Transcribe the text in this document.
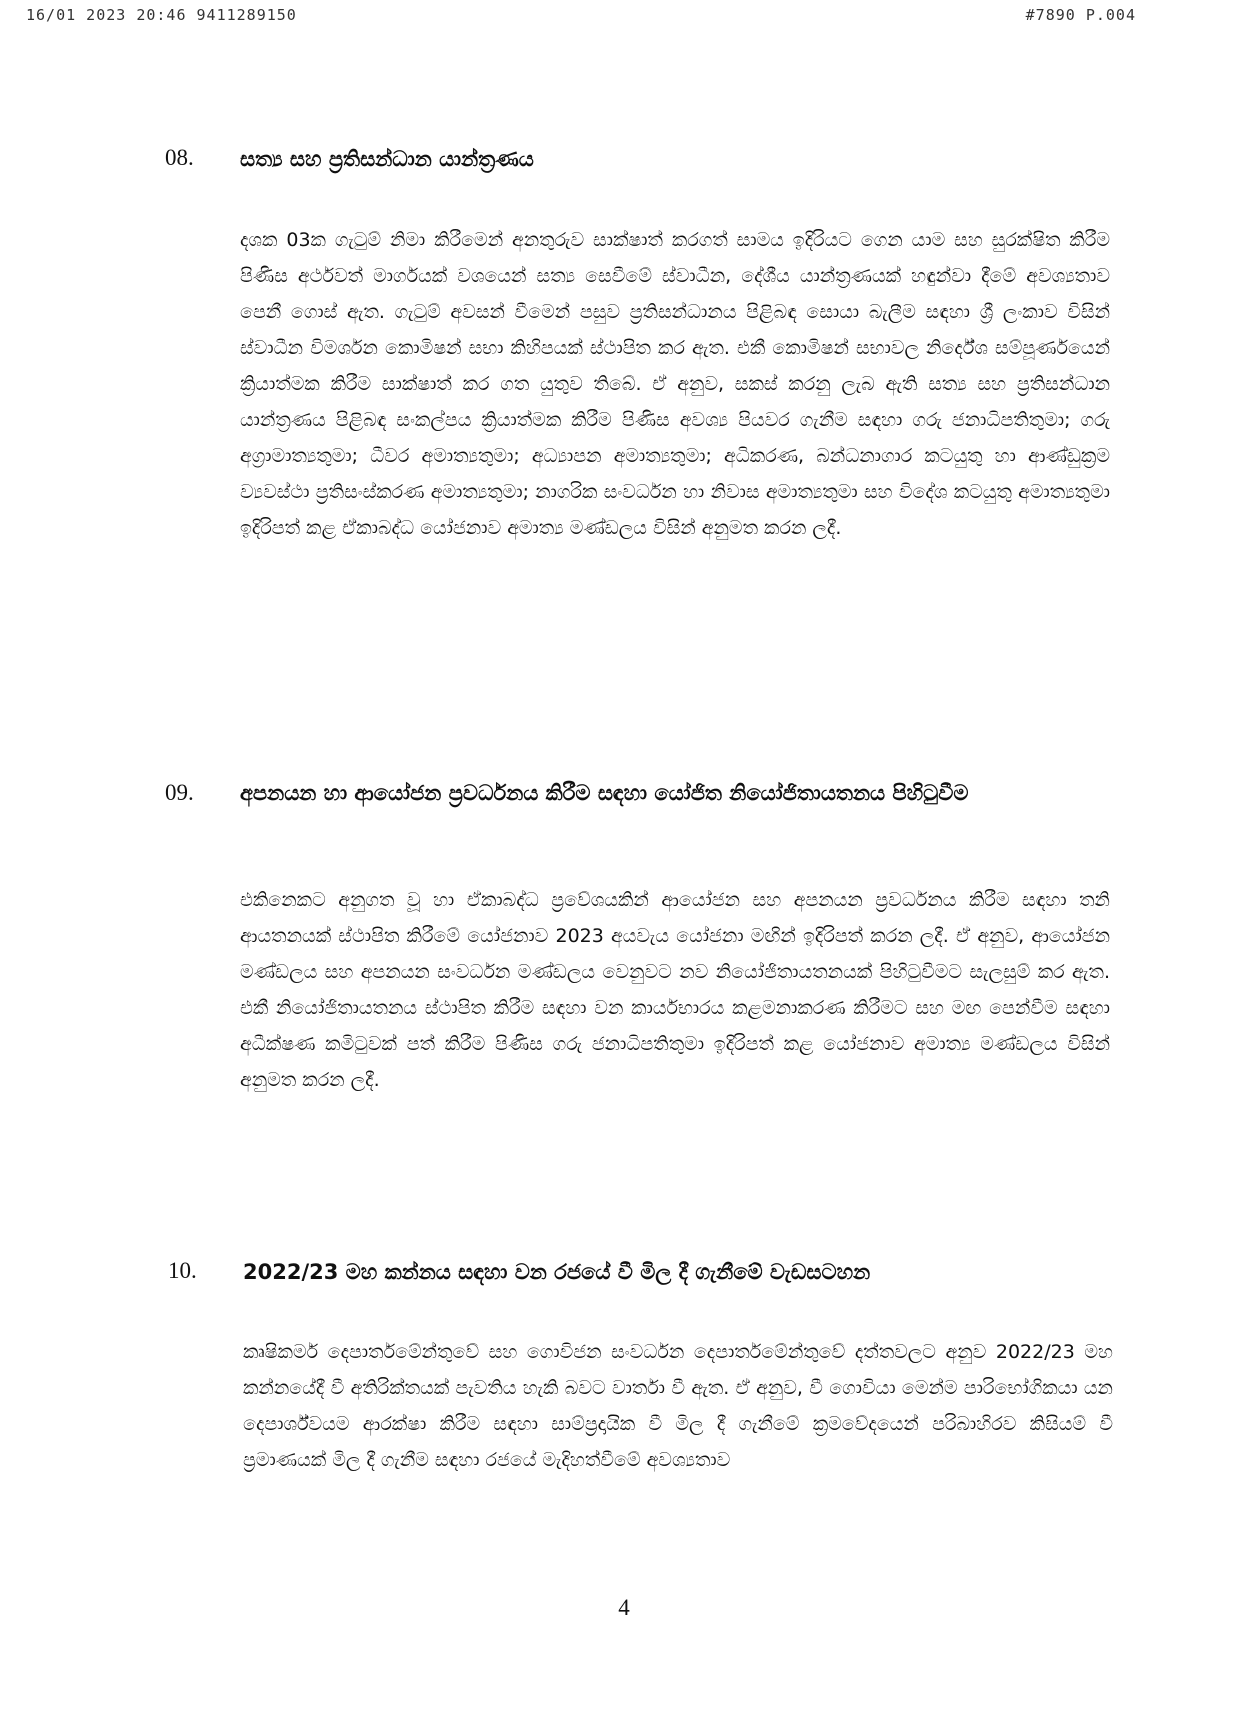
16/01 2023 20:46 9411289150	#7890 P.004
08. සත්‍ය සහ ප්‍රතිසන්ධාන යාන්ත්‍රණය
දශක 03ක ගැටුම් නිමා කිරීමෙන් අනතුරුව සාක්ෂාත් කරගත් සාමය ඉදිරියට ගෙන යාම සහ සුරක්ෂිත කිරීම පිණිස අර්ථවත් මාර්ගයක් වශයෙන් සත්‍ය සෙවීමේ ස්වාධීන, දේශීය යාන්ත්‍රණයක් හඳුන්වා දීමේ අවශ්‍යතාව පෙනී ගොස් ඇත. ගැටුම් අවසන් වීමෙන් පසුව ප්‍රතිසන්ධානය පිළිබඳ සොයා බැලීම සඳහා ශ්‍රී ලංකාව විසින් ස්වාධීන විමර්ශන කොමිෂන් සභා කිහිපයක් ස්ථාපිත කර ඇත. එකී කොමිෂන් සභාවල නිර්දේශ සම්පූර්ණයෙන් ක්‍රියාත්මක කිරීම සාක්ෂාත් කර ගත යුතුව තිබේ. ඒ අනුව, සකස් කරනු ලැබ ඇති සත්‍ය සහ ප්‍රතිසන්ධාන යාන්ත්‍රණය පිළිබඳ සංකල්පය ක්‍රියාත්මක කිරීම පිණිස අවශ්‍ය පියවර ගැනීම සඳහා ගරු ජනාධිපතිතුමා; ගරු අග්‍රාමාත්‍යතුමා; ධීවර අමාත්‍යතුමා; අධ්‍යාපන අමාත්‍යතුමා; අධිකරණ, බන්ධනාගාර කටයුතු හා ආණ්ඩුක්‍රම ව්‍යවස්ථා ප්‍රතිසංස්කරණ අමාත්‍යතුමා; නාගරික සංවර්ධන හා නිවාස අමාත්‍යතුමා සහ විදේශ කටයුතු අමාත්‍යතුමා ඉදිරිපත් කළ ඒකාබද්ධ යෝජනාව අමාත්‍ය මණ්ඩලය විසින් අනුමත කරන ලදී.
09. අපනයන හා ආයෝජන ප්‍රවර්ධනය කිරීම සඳහා යෝජිත නියෝජිතායතනය පිහිටුවීම
එකිනෙකට අනුගත වූ හා ඒකාබද්ධ ප්‍රවේශයකින් ආයෝජන සහ අපනයන ප්‍රවර්ධනය කිරීම සඳහා තනි ආයතනයක් ස්ථාපිත කිරීමේ යෝජනාව 2023 අයවැය යෝජනා මඟින් ඉදිරිපත් කරන ලදී. ඒ අනුව, ආයෝජන මණ්ඩලය සහ අපනයන සංවර්ධන මණ්ඩලය වෙනුවට නව නියෝජිතායතනයක් පිහිටුවීමට සැලසුම් කර ඇත. එකී නියෝජිතායතනය ස්ථාපිත කිරීම සඳහා වන කාර්යභාරය කළමනාකරණ කිරීමට සහ මඟ පෙන්වීම සඳහා අධීක්ෂණ කමිටුවක් පත් කිරීම පිණිස ගරු ජනාධිපතිතුමා ඉදිරිපත් කළ යෝජනාව අමාත්‍ය මණ්ඩලය විසින් අනුමත කරන ලදී.
10. 2022/23 මහ කන්නය සඳහා වන රජයේ වී මිල දී ගැනීමේ වැඩසටහන
කෘෂිකර්ම දෙපාර්තමේන්තුවේ සහ ගොවිජන සංවර්ධන දෙපාර්තමේන්තුවේ දත්තවලට අනුව 2022/23 මහ කන්නයේදී වී අතිරික්තයක් පැවතිය හැකි බවට වාර්තා වී ඇත. ඒ අනුව, වී ගොවියා මෙන්ම පාරිභෝගිකයා යන දෙපාර්ශ්වයම ආරක්ෂා කිරීම සඳහා සාම්ප්‍රදායික වී මිල දී ගැනීමේ ක්‍රමවේදයෙන් පරිබාහිරව කිසියම් වී ප්‍රමාණයක් මිල දී ගැනීම සඳහා රජයේ මැදිහත්වීමේ අවශ්‍යතාව
4
